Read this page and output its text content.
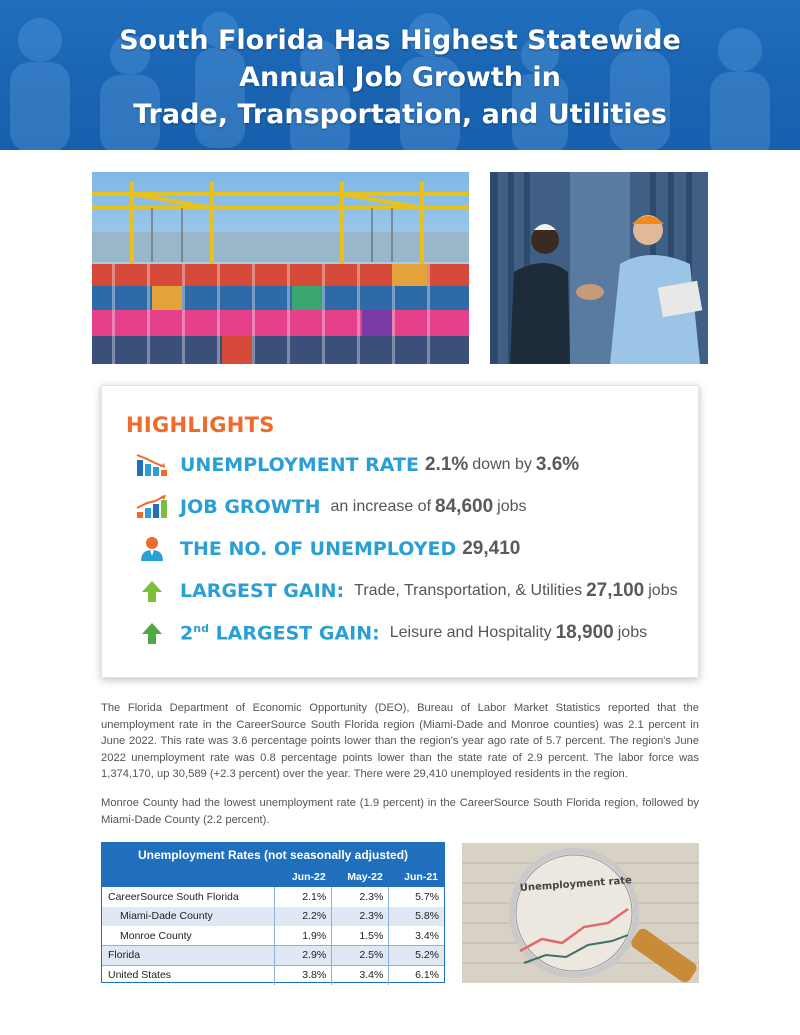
South Florida Has Highest Statewide
Annual Job Growth in
Trade, Transportation, and Utilities
HIGHLIGHTS
UNEMPLOYMENT RATE 2.1% down by 3.6%
JOB GROWTH an increase of 84,600 jobs
THE NO. OF UNEMPLOYED 29,410
LARGEST GAIN: Trade, Transportation, & Utilities 27,100 jobs
2nd LARGEST GAIN: Leisure and Hospitality 18,900 jobs

The Florida Department of Economic Opportunity (DEO), Bureau of Labor Market Statistics reported that the unemployment rate in the CareerSource South Florida region (Miami-Dade and Monroe counties) was 2.1 percent in June 2022. This rate was 3.6 percentage points lower than the region's year ago rate of 5.7 percent. The region's June 2022 unemployment rate was 0.8 percentage points lower than the state rate of 2.9 percent. The labor force was 1,374,170, up 30,589 (+2.3 percent) over the year. There were 29,410 unemployed residents in the region.

Monroe County had the lowest unemployment rate (1.9 percent) in the CareerSource South Florida region, followed by Miami-Dade County (2.2 percent).

Unemployment Rates (not seasonally adjusted)
	Jun-22	May-22	Jun-21
CareerSource South Florida	2.1%	2.3%	5.7%
Miami-Dade County	2.2%	2.3%	5.8%
Monroe County	1.9%	1.5%	3.4%
Florida	2.9%	2.5%	5.2%
United States	3.8%	3.4%	6.1%
Unemployment rate
